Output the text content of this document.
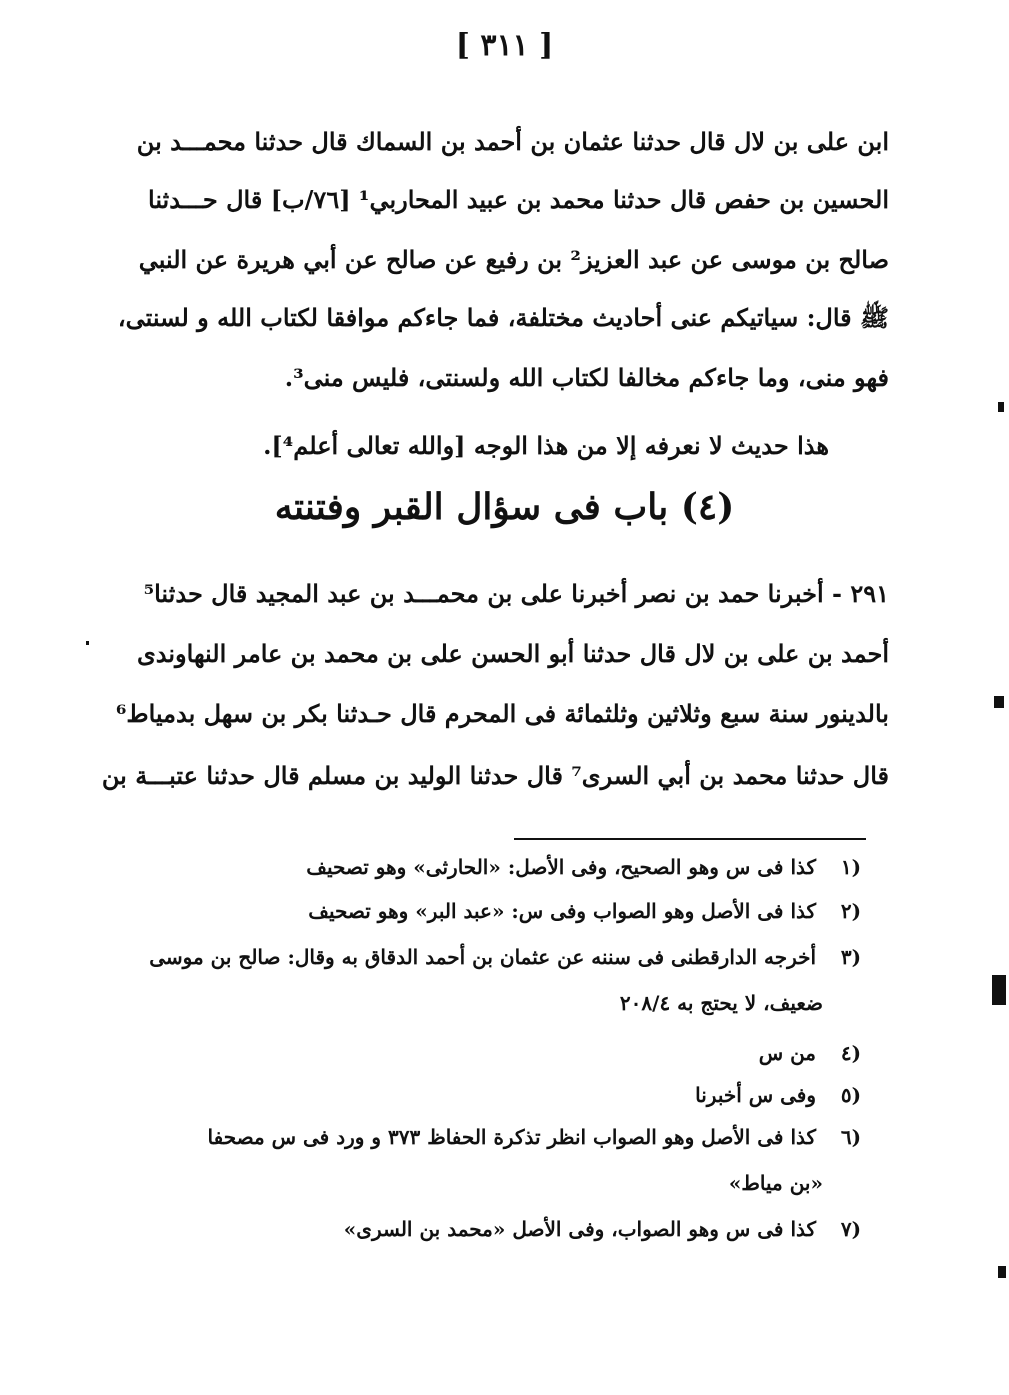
[ ٣١١ ]
ابن على بن لال قال حدثنا عثمان بن أحمد بن السماك قال حدثنا محمـــد بن
الحسين بن حفص قال حدثنا محمد بن عبيد المحاربي¹ [٧٦/ب] قال حـــدثنا
صالح بن موسى عن عبد العزيز² بن رفيع عن صالح عن أبي هريرة عن النبي
ﷺ قال: سياتيكم عنى أحاديث مختلفة، فما جاءكم موافقا لكتاب الله و لسنتى،
فهو منى، وما جاءكم مخالفا لكتاب الله ولسنتى، فليس منى³.
هذا حديث لا نعرفه إلا من هذا الوجه [والله تعالى أعلم⁴].
(٤) باب فى سؤال القبر وفتنته
٢٩١ - أخبرنا حمد بن نصر أخبرنا على بن محمـــد بن عبد المجيد قال حدثنا⁵
أحمد بن على بن لال قال حدثنا أبو الحسن على بن محمد بن عامر النهاوندى
بالدينور سنة سبع وثلاثين وثلثمائة فى المحرم قال حـدثنا بكر بن سهل بدمياط⁶
قال حدثنا محمد بن أبي السرى⁷ قال حدثنا الوليد بن مسلم قال حدثنا عتبـــة بن
(١ كذا فى س وهو الصحيح، وفى الأصل: «الحارثى» وهو تصحيف
(٢ كذا فى الأصل وهو الصواب وفى س: «عبد البر» وهو تصحيف
(٣ أخرجه الدارقطنى فى سننه عن عثمان بن أحمد الدقاق به وقال: صالح بن موسى
ضعيف، لا يحتج به ٢٠٨/٤
(٤ من س
(٥ وفى س أخبرنا
(٦ كذا فى الأصل وهو الصواب انظر تذكرة الحفاظ ٣٧٣ و ورد فى س مصحفا
«بن مياط»
(٧ كذا فى س وهو الصواب، وفى الأصل «محمد بن السرى»
